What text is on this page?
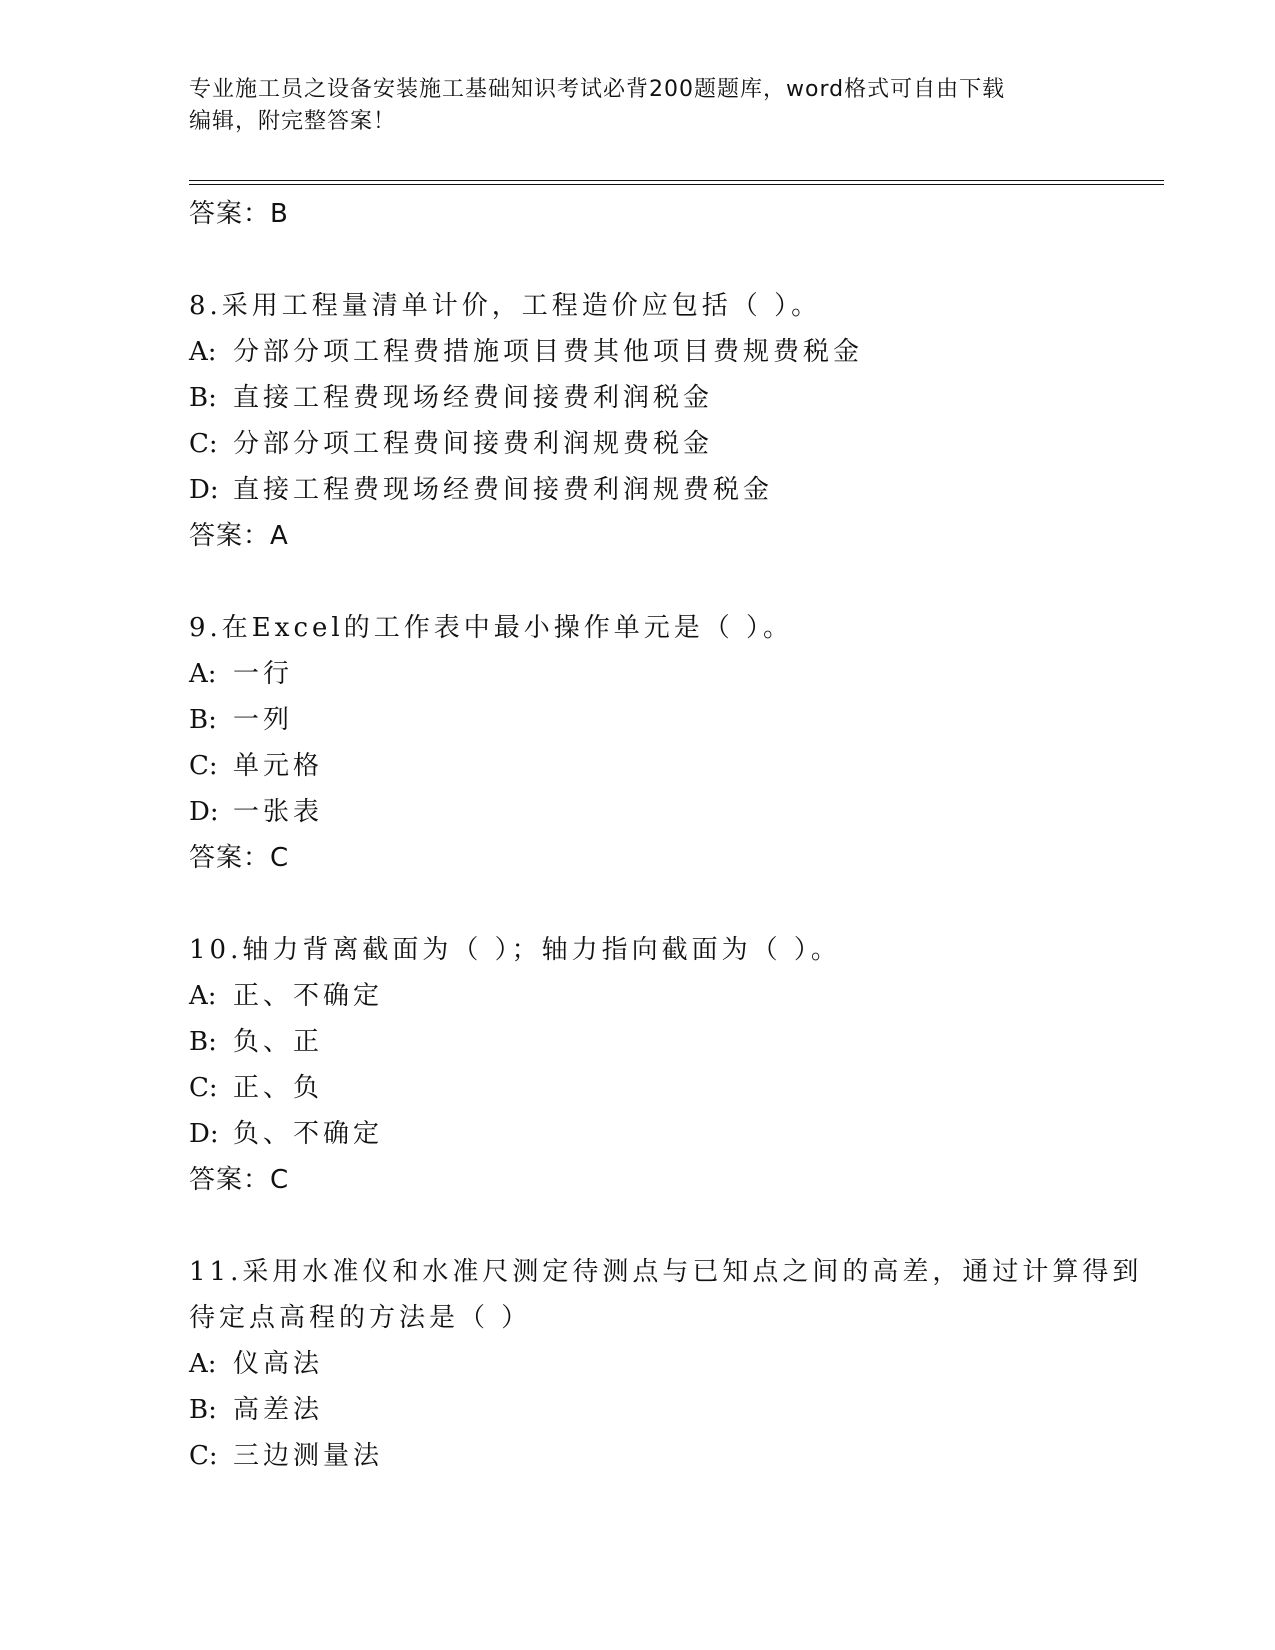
专业施工员之设备安装施工基础知识考试必背200题题库，word格式可自由下载
编辑，附完整答案！
答案：B
8.采用工程量清单计价，工程造价应包括（ ）。
A: 分部分项工程费措施项目费其他项目费规费税金
B: 直接工程费现场经费间接费利润税金
C: 分部分项工程费间接费利润规费税金
D: 直接工程费现场经费间接费利润规费税金
答案：A
9.在Excel的工作表中最小操作单元是（ ）。
A: 一行
B: 一列
C: 单元格
D: 一张表
答案：C
10.轴力背离截面为（ ）；轴力指向截面为（ ）。
A: 正、不确定
B: 负、正
C: 正、负
D: 负、不确定
答案：C
11.采用水准仪和水准尺测定待测点与已知点之间的高差，通过计算得到待定点高程的方法是（ ）
A: 仪高法
B: 高差法
C: 三边测量法
